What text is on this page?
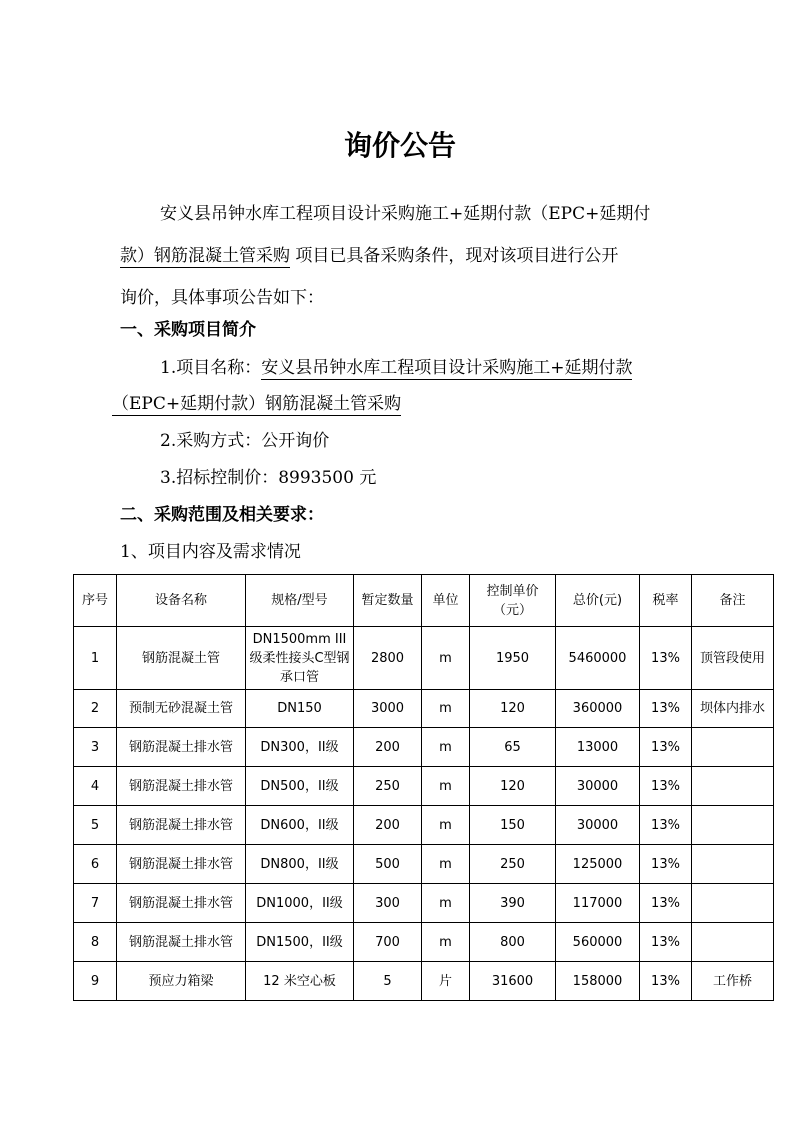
询价公告
安义县吊钟水库工程项目设计采购施工+延期付款（EPC+延期付
款）钢筋混凝土管采购 项目已具备采购条件，现对该项目进行公开
询价，具体事项公告如下：
一、采购项目简介
1.项目名称：安义县吊钟水库工程项目设计采购施工+延期付款
（EPC+延期付款）钢筋混凝土管采购
2.采购方式：公开询价
3.招标控制价：8993500 元
二、采购范围及相关要求：
1、项目内容及需求情况
序号	设备名称	规格/型号	暂定数量	单位	控制单价（元）	总价(元)	税率	备注
1	钢筋混凝土管	DN1500mm III级柔性接头C型钢承口管	2800	m	1950	5460000	13%	顶管段使用
2	预制无砂混凝土管	DN150	3000	m	120	360000	13%	坝体内排水
3	钢筋混凝土排水管	DN300，II级	200	m	65	13000	13%	
4	钢筋混凝土排水管	DN500，II级	250	m	120	30000	13%	
5	钢筋混凝土排水管	DN600，II级	200	m	150	30000	13%	
6	钢筋混凝土排水管	DN800，II级	500	m	250	125000	13%	
7	钢筋混凝土排水管	DN1000，II级	300	m	390	117000	13%	
8	钢筋混凝土排水管	DN1500，II级	700	m	800	560000	13%	
9	预应力箱梁	12 米空心板	5	片	31600	158000	13%	工作桥
